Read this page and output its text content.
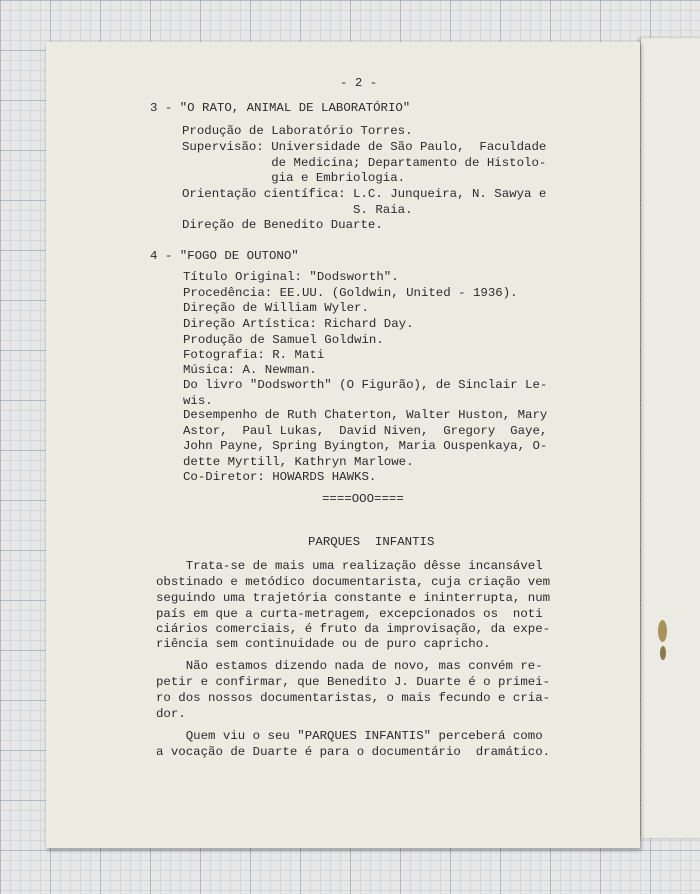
- 2 -
3 - "O RATO, ANIMAL DE LABORATÓRIO"
Produção de Laboratório Torres.
Supervisão: Universidade de São Paulo,  Faculdade
de Medicina; Departamento de Histolo-
gia e Embriologia.
Orientação científica: L.C. Junqueira, N. Sawya e
S. Raia.
Direção de Benedito Duarte.
4 - "FOGO DE OUTONO"
Título Original: "Dodsworth".
Procedência: EE.UU. (Goldwin, United - 1936).
Direção de William Wyler.
Direção Artística: Richard Day.
Produção de Samuel Goldwin.
Fotografia: R. Mati
Música: A. Newman.
Do livro "Dodsworth" (O Figurão), de Sinclair Le-
wis.
Desempenho de Ruth Chaterton, Walter Huston, Mary
Astor,  Paul Lukas,  David Niven,  Gregory  Gaye,
John Payne, Spring Byington, Maria Ouspenkaya, O-
dette Myrtill, Kathryn Marlowe.
Co-Diretor: HOWARDS HAWKS.
====OOO====
PARQUES  INFANTIS
Trata-se de mais uma realização dêsse incansável
obstinado e metódico documentarista, cuja criação vem
seguindo uma trajetória constante e ininterrupta, num
país em que a curta-metragem, excepcionados os  noti
ciários comerciais, é fruto da improvisação, da expe-
riência sem continuidade ou de puro capricho.
Não estamos dizendo nada de novo, mas convém re-
petir e confirmar, que Benedito J. Duarte é o primei-
ro dos nossos documentaristas, o mais fecundo e cria-
dor.
Quem viu o seu "PARQUES INFANTIS" perceberá como
a vocação de Duarte é para o documentário  dramático.
